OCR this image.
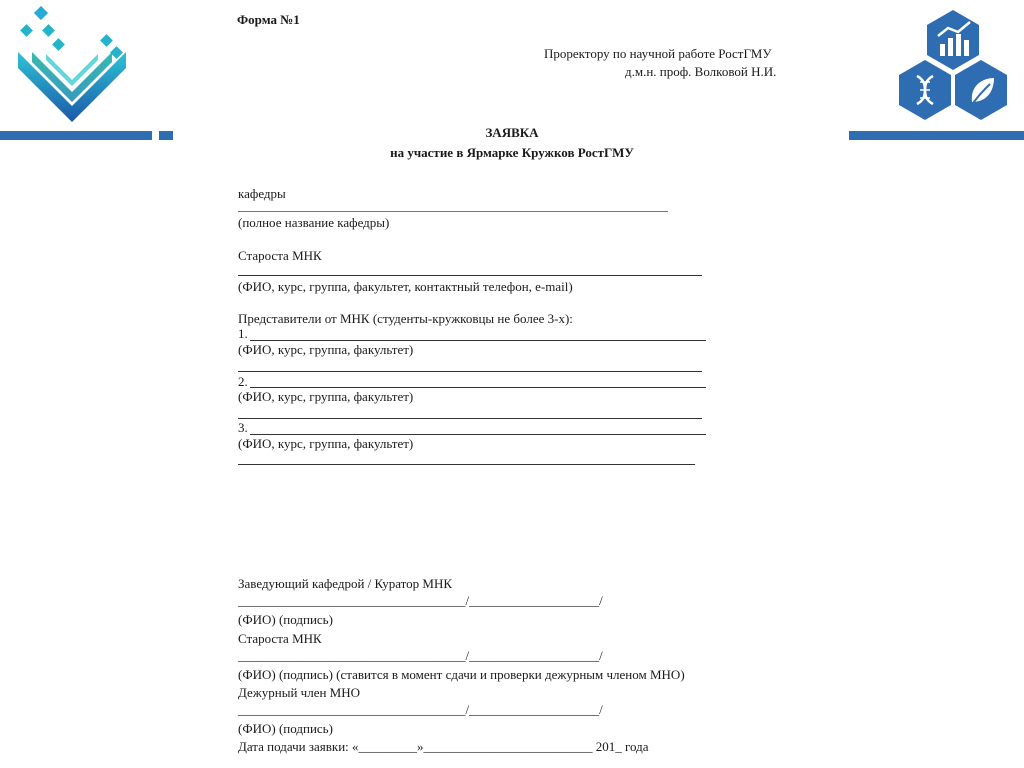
Форма №1
Проректору по научной работе РостГМУ
д.м.н. проф. Волковой Н.И.
ЗАЯВКА
на участие в Ярмарке Кружков РостГМУ
кафедры
(полное название кафедры)
Староста МНК
(ФИО, курс, группа, факультет, контактный телефон, e-mail)
Представители от МНК (студенты-кружковцы не более 3-х):
1.
(ФИО, курс, группа, факультет)
2.
(ФИО, курс, группа, факультет)
3.
(ФИО, курс, группа, факультет)
Заведующий кафедрой / Куратор МНК
___________________________________/____________________/
(ФИО) (подпись)
Староста МНК
___________________________________/____________________/
(ФИО) (подпись) (ставится в момент сдачи и проверки дежурным членом МНО)
Дежурный член МНО
___________________________________/____________________/
(ФИО) (подпись)
Дата подачи заявки: «_________»__________________________ 201_ года
